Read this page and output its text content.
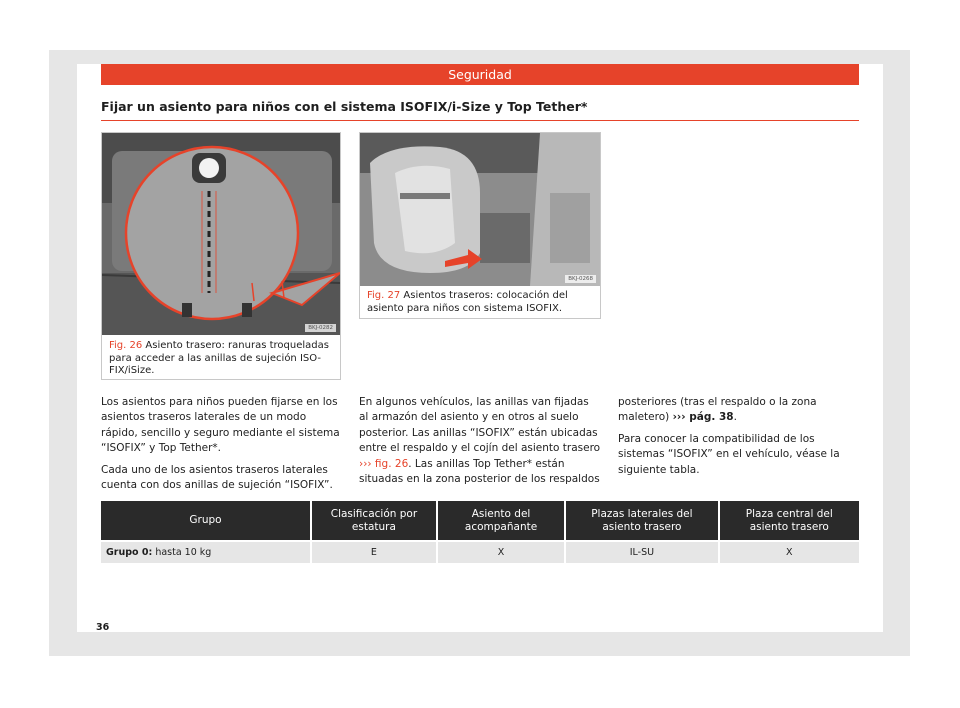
Seguridad
Fijar un asiento para niños con el sistema ISOFIX/i-Size y Top Tether*
BKJ-0282
Fig. 26 Asiento trasero: ranuras troqueladas para acceder a las anillas de sujeción ISO-FIX/iSize.
BKJ-0268
Fig. 27 Asientos traseros: colocación del asiento para niños con sistema ISOFIX.

Los asientos para niños pueden fijarse en los asientos traseros laterales de un modo rápido, sencillo y seguro mediante el sistema “ISOFIX” y Top Tether*.

Cada uno de los asientos traseros laterales cuenta con dos anillas de sujeción “ISOFIX”.

En algunos vehículos, las anillas van fijadas al armazón del asiento y en otros al suelo posterior. Las anillas “ISOFIX” están ubicadas entre el respaldo y el cojín del asiento trasero ››› fig. 26. Las anillas Top Tether* están situadas en la zona posterior de los respaldos

posteriores (tras el respaldo o la zona maletero) ››› pág. 38.

Para conocer la compatibilidad de los sistemas “ISOFIX” en el vehículo, véase la siguiente tabla.

Grupo	Clasificación por estatura	Asiento del acompañante	Plazas laterales del asiento trasero	Plaza central del asiento trasero
Grupo 0: hasta 10 kg	E	X	IL-SU	X
36
